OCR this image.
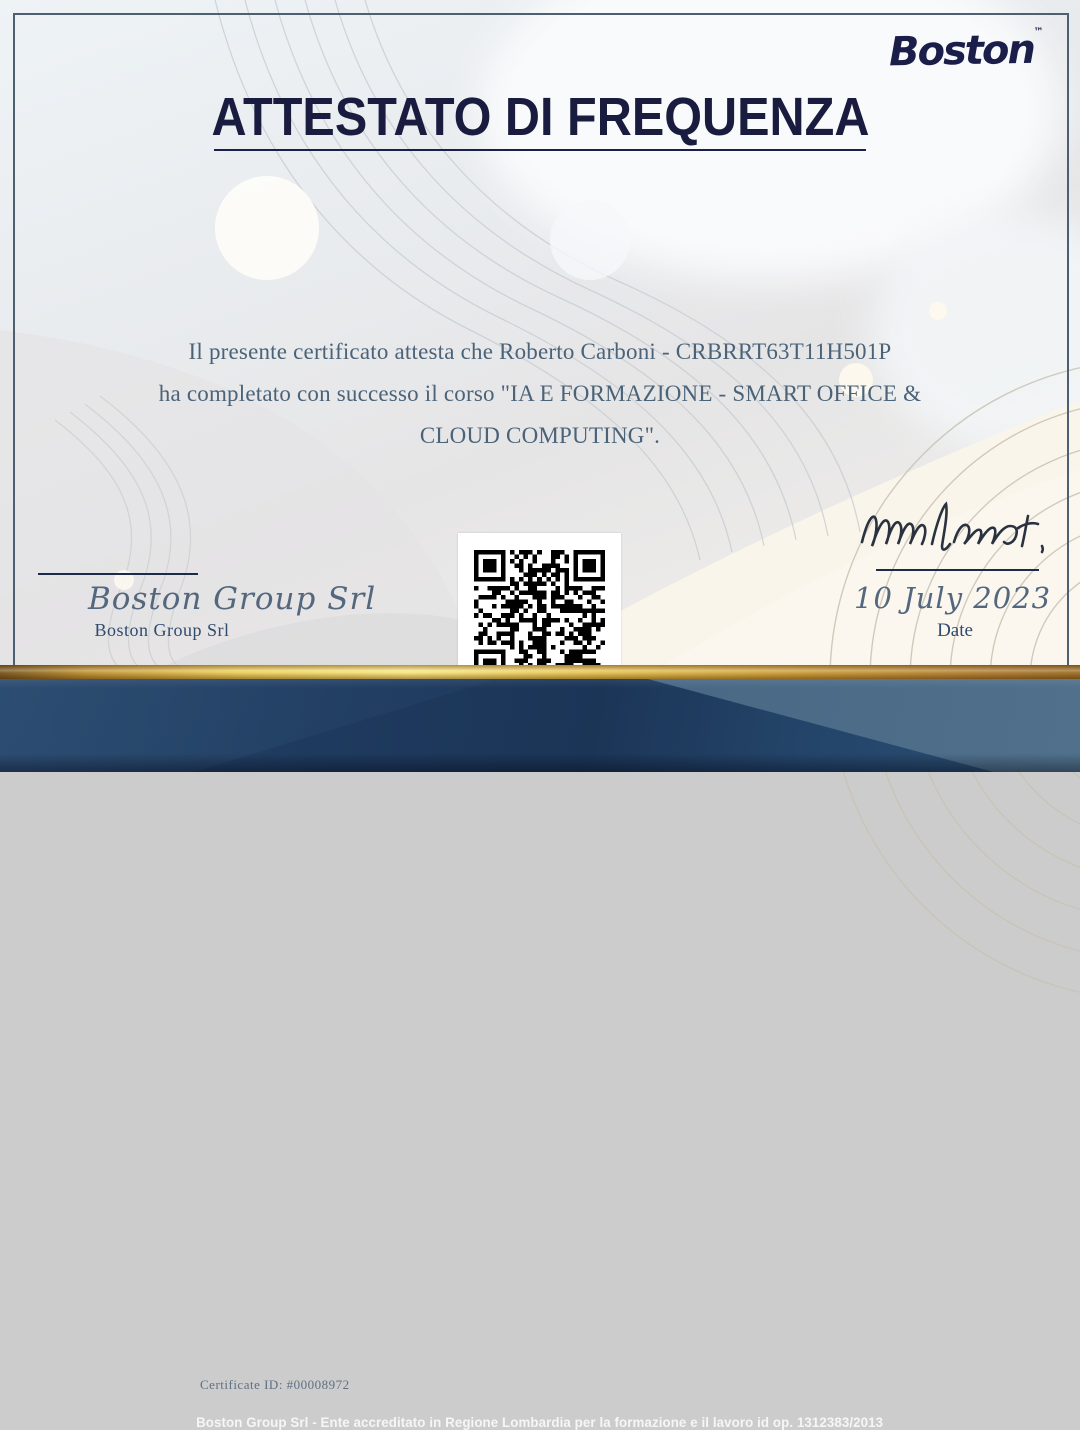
Boston™
ATTESTATO DI FREQUENZA
Il presente certificato attesta che Roberto Carboni - CRBRRT63T11H501P
ha completato con successo il corso "IA E FORMAZIONE - SMART OFFICE &
CLOUD COMPUTING".
Boston Group Srl
Boston Group Srl
10 July 2023
Date
Certificate ID: #00008972
Boston Group Srl - Ente accreditato in Regione Lombardia per la formazione e il lavoro id op. 1312383/2013
